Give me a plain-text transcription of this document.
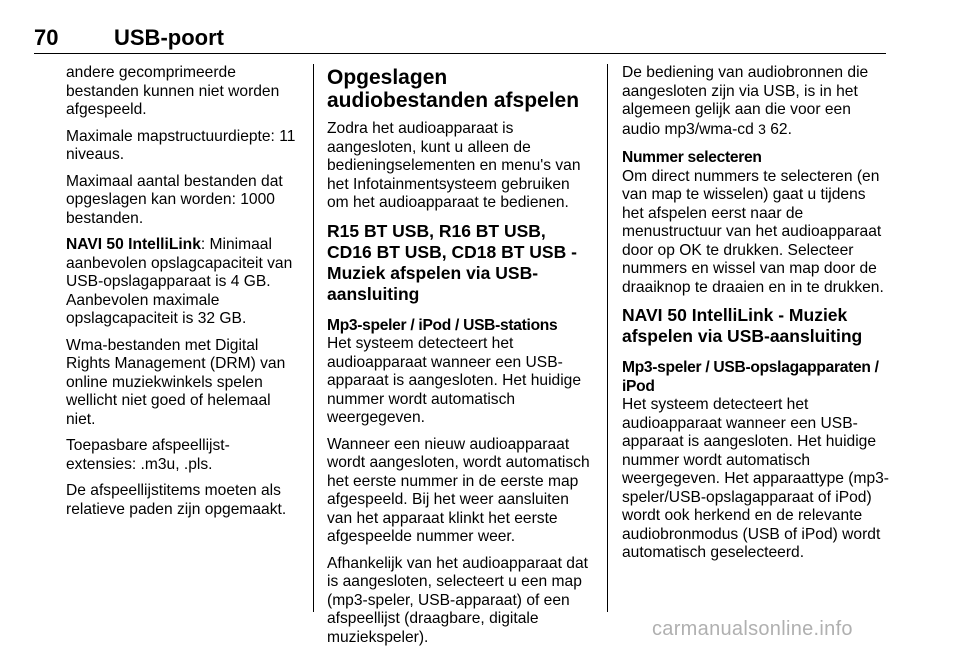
70	USB-poort

andere gecomprimeerde bestanden kunnen niet worden afgespeeld.

Maximale mapstructuurdiepte: 11 niveaus.

Maximaal aantal bestanden dat opgeslagen kan worden: 1000 bestanden.

NAVI 50 IntelliLink: Minimaal aanbevolen opslagcapaciteit van USB-opslagapparaat is 4 GB. Aanbevolen maximale opslagcapaciteit is 32 GB.

Wma-bestanden met Digital Rights Management (DRM) van online muziekwinkels spelen wellicht niet goed of helemaal niet.

Toepasbare afspeellijst-extensies: .m3u, .pls.

De afspeellijstitems moeten als relatieve paden zijn opgemaakt.

Opgeslagen audiobestanden afspelen

Zodra het audioapparaat is aangesloten, kunt u alleen de bedieningselementen en menu's van het Infotainmentsysteem gebruiken om het audioapparaat te bedienen.

R15 BT USB, R16 BT USB, CD16 BT USB, CD18 BT USB - Muziek afspelen via USB-aansluiting
Mp3-speler / iPod / USB-stations

Het systeem detecteert het audioapparaat wanneer een USB-apparaat is aangesloten. Het huidige nummer wordt automatisch weergegeven.

Wanneer een nieuw audioapparaat wordt aangesloten, wordt automatisch het eerste nummer in de eerste map afgespeeld. Bij het weer aansluiten van het apparaat klinkt het eerste afgespeelde nummer weer.

Afhankelijk van het audioapparaat dat is aangesloten, selecteert u een map (mp3-speler, USB-apparaat) of een afspeellijst (draagbare, digitale muziekspeler).

De bediening van audiobronnen die aangesloten zijn via USB, is in het algemeen gelijk aan die voor een audio mp3/wma-cd 3 62.

Nummer selecteren

Om direct nummers te selecteren (en van map te wisselen) gaat u tijdens het afspelen eerst naar de menustructuur van het audioapparaat door op OK te drukken. Selecteer nummers en wissel van map door de draaiknop te draaien en in te drukken.

NAVI 50 IntelliLink - Muziek afspelen via USB-aansluiting
Mp3-speler / USB-opslagapparaten / iPod

Het systeem detecteert het audioapparaat wanneer een USB-apparaat is aangesloten. Het huidige nummer wordt automatisch weergegeven. Het apparaattype (mp3-speler/USB-opslagapparaat of iPod) wordt ook herkend en de relevante audiobronmodus (USB of iPod) wordt automatisch geselecteerd.

carmanualsonline.info
